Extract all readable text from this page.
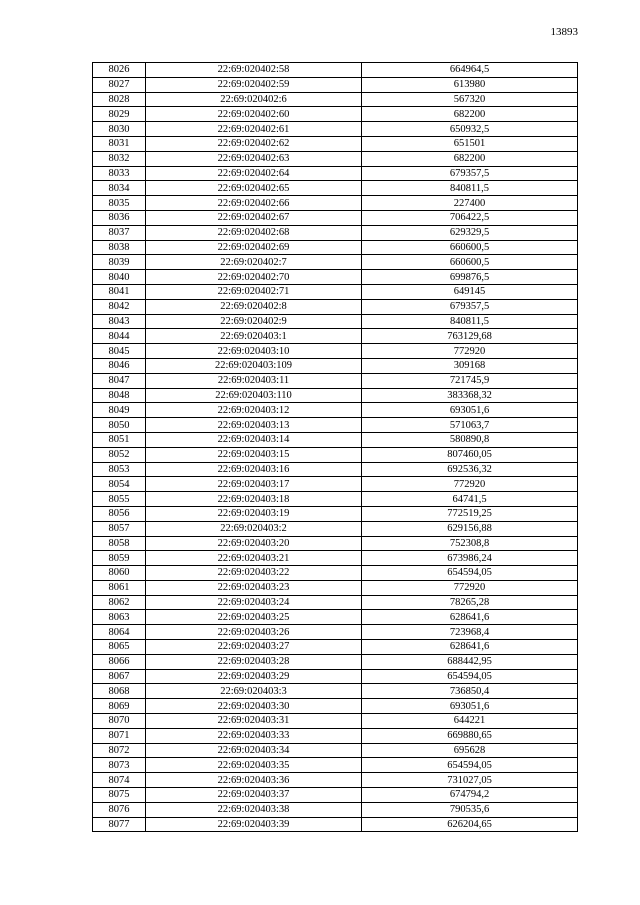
13893
8026	22:69:020402:58	664964,5
8027	22:69:020402:59	613980
8028	22:69:020402:6	567320
8029	22:69:020402:60	682200
8030	22:69:020402:61	650932,5
8031	22:69:020402:62	651501
8032	22:69:020402:63	682200
8033	22:69:020402:64	679357,5
8034	22:69:020402:65	840811,5
8035	22:69:020402:66	227400
8036	22:69:020402:67	706422,5
8037	22:69:020402:68	629329,5
8038	22:69:020402:69	660600,5
8039	22:69:020402:7	660600,5
8040	22:69:020402:70	699876,5
8041	22:69:020402:71	649145
8042	22:69:020402:8	679357,5
8043	22:69:020402:9	840811,5
8044	22:69:020403:1	763129,68
8045	22:69:020403:10	772920
8046	22:69:020403:109	309168
8047	22:69:020403:11	721745,9
8048	22:69:020403:110	383368,32
8049	22:69:020403:12	693051,6
8050	22:69:020403:13	571063,7
8051	22:69:020403:14	580890,8
8052	22:69:020403:15	807460,05
8053	22:69:020403:16	692536,32
8054	22:69:020403:17	772920
8055	22:69:020403:18	64741,5
8056	22:69:020403:19	772519,25
8057	22:69:020403:2	629156,88
8058	22:69:020403:20	752308,8
8059	22:69:020403:21	673986,24
8060	22:69:020403:22	654594,05
8061	22:69:020403:23	772920
8062	22:69:020403:24	78265,28
8063	22:69:020403:25	628641,6
8064	22:69:020403:26	723968,4
8065	22:69:020403:27	628641,6
8066	22:69:020403:28	688442,95
8067	22:69:020403:29	654594,05
8068	22:69:020403:3	736850,4
8069	22:69:020403:30	693051,6
8070	22:69:020403:31	644221
8071	22:69:020403:33	669880,65
8072	22:69:020403:34	695628
8073	22:69:020403:35	654594,05
8074	22:69:020403:36	731027,05
8075	22:69:020403:37	674794,2
8076	22:69:020403:38	790535,6
8077	22:69:020403:39	626204,65
